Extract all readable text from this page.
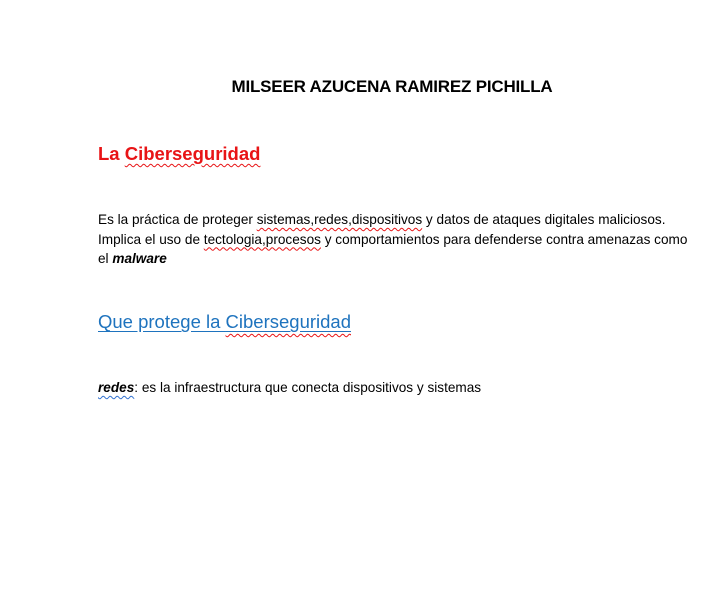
MILSEER AZUCENA RAMIREZ PICHILLA
La Ciberseguridad
Es la práctica de proteger sistemas,redes,dispositivos y datos de ataques digitales maliciosos.
Implica el uso de tectologia,procesos y comportamientos para defenderse contra amenazas como
el malware
Que protege la Ciberseguridad
redes: es la infraestructura que conecta dispositivos y sistemas
